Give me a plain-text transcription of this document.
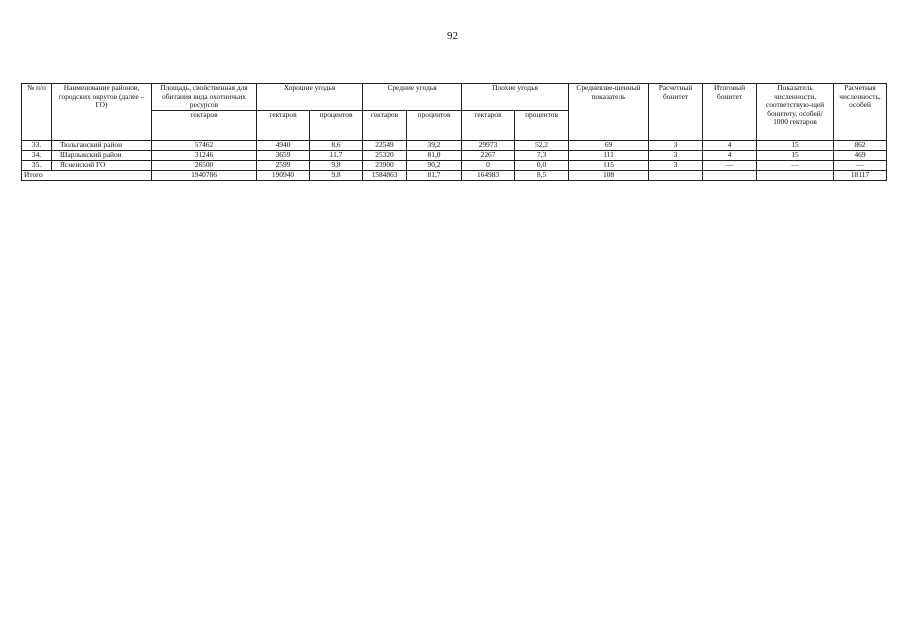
92
№ п/п	Наименование районов, городских округов (далее – ГО)	Площадь, свойственная для обитания вида охотничьих ресурсов	Хорошие угодья		Средние угодья		Плохие угодья		Средневзве-шенный показатель	Расчетный бонитет	Итоговый бонитет	Показатель численности, соответствую-щей бонитету, особей/ 1000 гектаров	Расчетная численность, особей
		гектаров	гектаров	процентов	гектаров	процентов	гектаров	процентов					
33.	Тюльганский район	57462	4940	8,6	22549	39,2	29973	52,2	69	3	4	15	862
34.	Шарлыкский район	31246	3659	11,7	25320	81,0	2267	7,3	111	3	4	15	469
35.	Ясненский ГО	26500	2599	9,8	23900	90,2	0	0,0	115	3	—	—	—
Итого		1940786	190940	9,8	1584863	81,7	164983	8,5	108				18117
